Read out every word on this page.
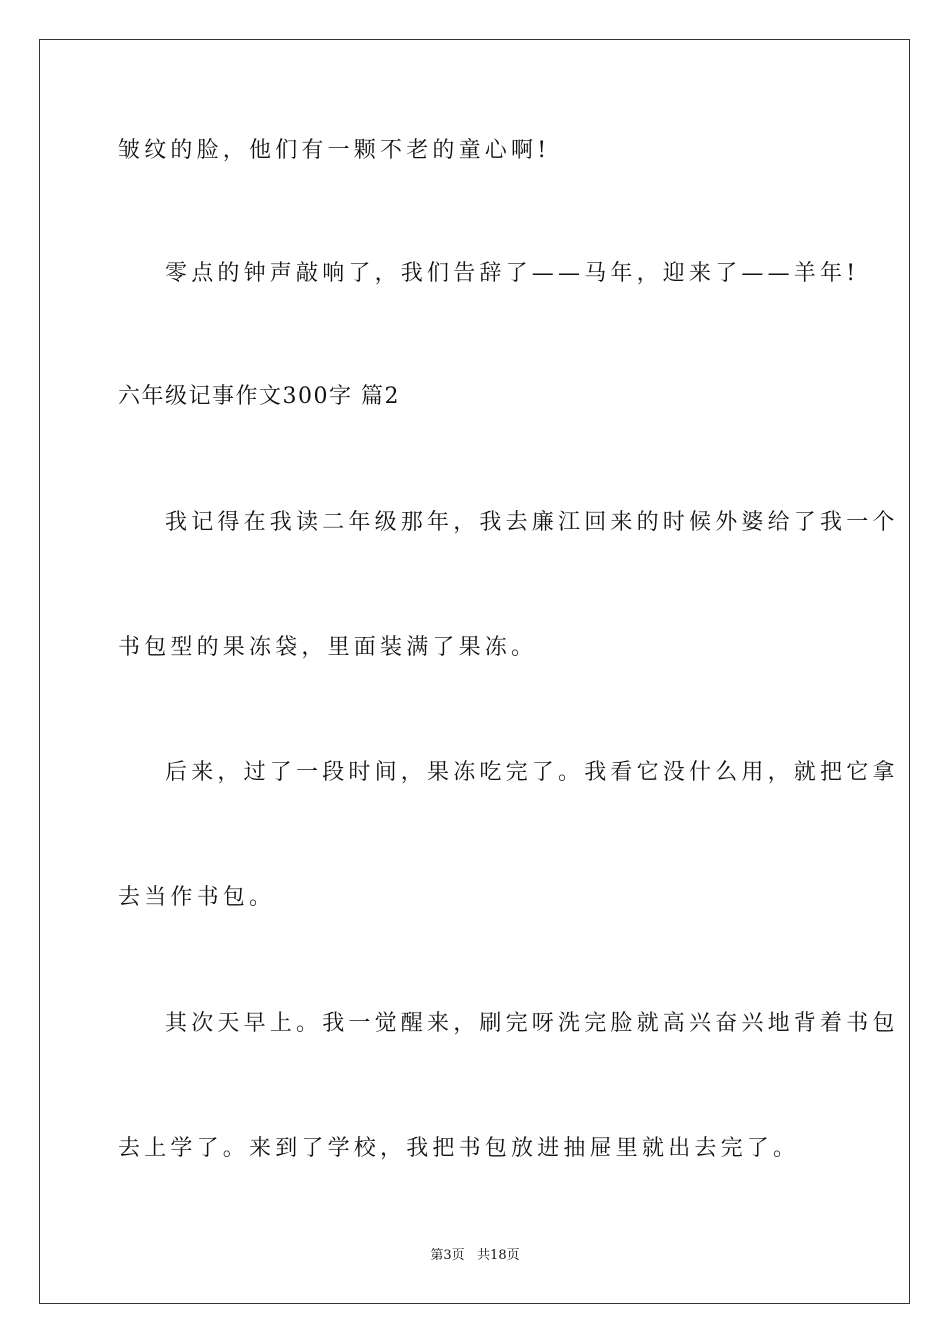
皱纹的脸，他们有一颗不老的童心啊!
零点的钟声敲响了，我们告辞了——马年，迎来了——羊年!
六年级记事作文300字 篇2
我记得在我读二年级那年，我去廉江回来的时候外婆给了我一个
书包型的果冻袋，里面装满了果冻。
后来，过了一段时间，果冻吃完了。我看它没什么用，就把它拿
去当作书包。
其次天早上。我一觉醒来，刷完呀洗完脸就高兴奋兴地背着书包
去上学了。来到了学校，我把书包放进抽屉里就出去完了。
第3页   共18页
